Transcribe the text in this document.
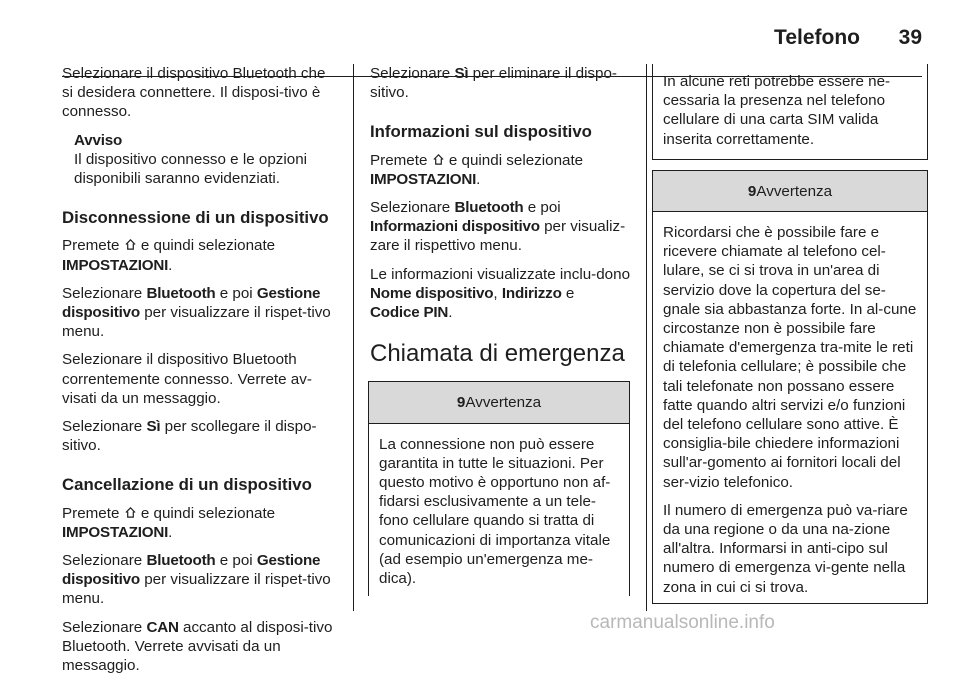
Telefono 39

Selezionare il dispositivo Bluetooth che si desidera connettere. Il disposi-tivo è connesso.

Avviso
Il dispositivo connesso e le opzioni disponibili saranno evidenziati.

Disconnessione di un dispositivo

Premete e quindi selezionate
IMPOSTAZIONI.

Selezionare Bluetooth e poi Gestione dispositivo per visualizzare il rispet-tivo menu.

Selezionare il dispositivo Bluetooth correntemente connesso. Verrete av-visati da un messaggio.

Selezionare Sì per scollegare il dispo-sitivo.

Cancellazione di un dispositivo

Premete e quindi selezionate
IMPOSTAZIONI.

Selezionare Bluetooth e poi Gestione dispositivo per visualizzare il rispet-tivo menu.

Selezionare CAN accanto al disposi-tivo Bluetooth. Verrete avvisati da un messaggio.

Selezionare Sì per eliminare il dispo-sitivo.

Informazioni sul dispositivo

Premete e quindi selezionate
IMPOSTAZIONI.

Selezionare Bluetooth e poi
Informazioni dispositivo per visualiz-zare il rispettivo menu.

Le informazioni visualizzate inclu-dono Nome dispositivo, Indirizzo e
Codice PIN.

Chiamata di emergenza
9Avvertenza
La connessione non può essere garantita in tutte le situazioni. Per questo motivo è opportuno non af-fidarsi esclusivamente a un tele-fono cellulare quando si tratta di comunicazioni di importanza vitale (ad esempio un'emergenza me-dica).
In alcune reti potrebbe essere ne-cessaria la presenza nel telefono cellulare di una carta SIM valida inserita correttamente.
9Avvertenza

Ricordarsi che è possibile fare e ricevere chiamate al telefono cel-lulare, se ci si trova in un'area di servizio dove la copertura del se-gnale sia abbastanza forte. In al-cune circostanze non è possibile fare chiamate d'emergenza tra-mite le reti di telefonia cellulare; è possibile che tali telefonate non possano essere fatte quando altri servizi e/o funzioni del telefono cellulare sono attive. È consiglia-bile chiedere informazioni sull'ar-gomento ai fornitori locali del ser-vizio telefonico.

Il numero di emergenza può va-riare da una regione o da una na-zione all'altra. Informarsi in anti-cipo sul numero di emergenza vi-gente nella zona in cui ci si trova.

carmanualsonline.info
